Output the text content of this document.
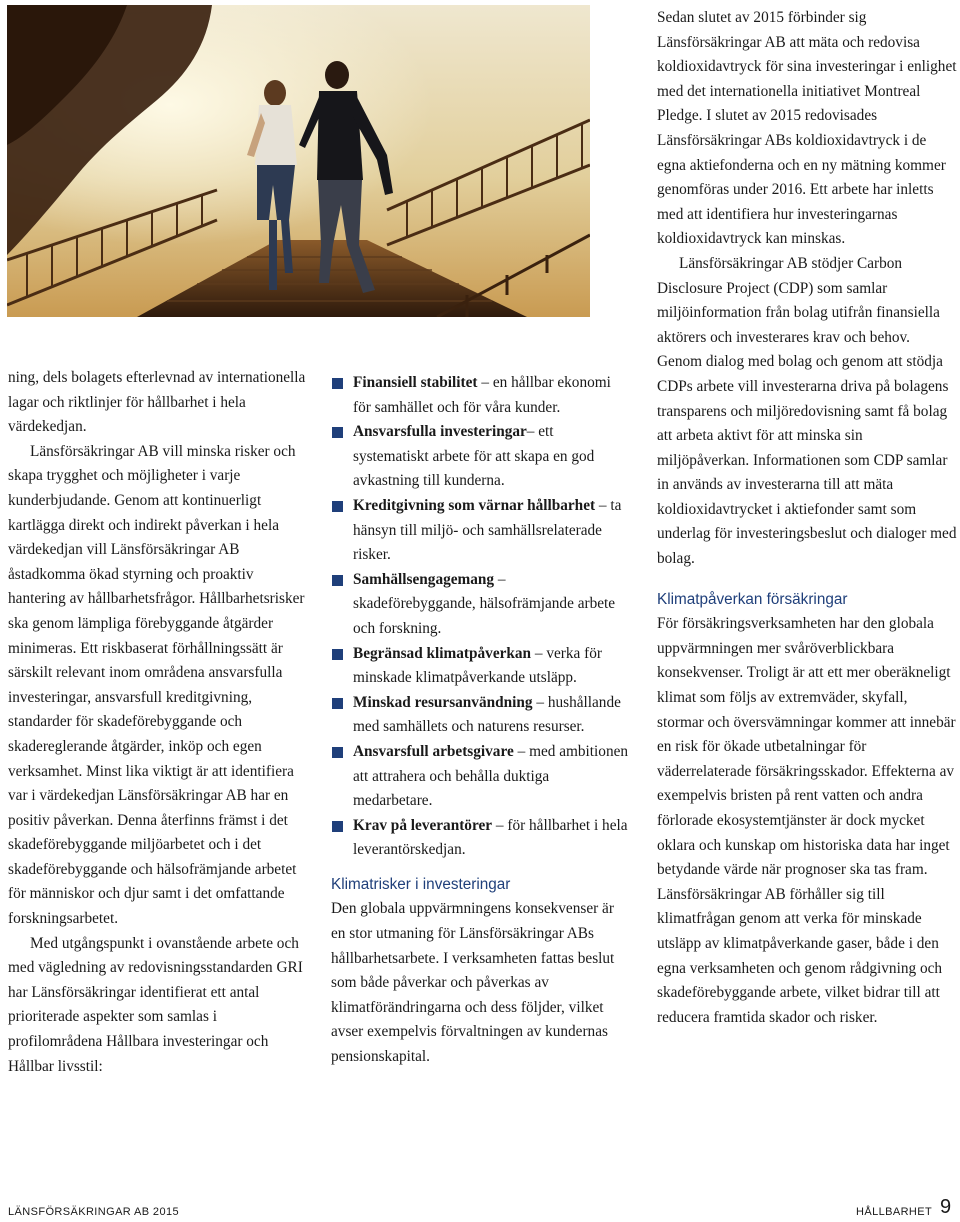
ning, dels bolagets efterlevnad av internationella lagar och riktlinjer för hållbarhet i hela värdekedjan.

Länsförsäkringar AB vill minska risker och skapa trygghet och möjligheter i varje kunderbjudande. Genom att kontinuerligt kartlägga direkt och indirekt påverkan i hela värdekedjan vill Länsförsäkringar AB åstadkomma ökad styrning och proaktiv hantering av hållbarhetsfrågor. Hållbarhetsrisker ska genom lämpliga förebyggande åtgärder minimeras. Ett riskbaserat förhållningssätt är särskilt relevant inom områdena ansvarsfulla investeringar, ansvarsfull kreditgivning, standarder för skadeförebyggande och skadereglerande åtgärder, inköp och egen verksamhet. Minst lika viktigt är att identifiera var i värdekedjan Länsförsäkringar AB har en positiv påverkan. Denna återfinns främst i det skadeförebyggande miljöarbetet och i det skadeförebyggande och hälsofrämjande arbetet för människor och djur samt i det omfattande forskningsarbetet.

Med utgångspunkt i ovanstående arbete och med vägledning av redovisningsstandarden GRI har Länsförsäkringar identifierat ett antal prioriterade aspekter som samlas i profilområdena Hållbara investeringar och Hållbar livsstil:

Finansiell stabilitet – en hållbar ekonomi för samhället och för våra kunder.
Ansvarsfulla investeringar– ett systematiskt arbete för att skapa en god avkastning till kunderna.
Kreditgivning som värnar hållbarhet – ta hänsyn till miljö- och samhällsrelaterade risker.
Samhällsengagemang – skadeförebyggande, hälsofrämjande arbete och forskning.
Begränsad klimatpåverkan – verka för minskade klimatpåverkande utsläpp.
Minskad resursanvändning – hushållande med samhällets och naturens resurser.
Ansvarsfull arbetsgivare – med ambitionen att attrahera och behålla duktiga medarbetare.
Krav på leverantörer – för hållbarhet i hela leverantörskedjan.
Klimatrisker i investeringar

Den globala uppvärmningens konsekvenser är en stor utmaning för Länsförsäkringar ABs hållbarhetsarbete. I verksamheten fattas beslut som både påverkar och påverkas av klimatförändringarna och dess följder, vilket avser exempelvis förvaltningen av kundernas pensionskapital.

Sedan slutet av 2015 förbinder sig Länsförsäkringar AB att mäta och redovisa koldioxidavtryck för sina investeringar i enlighet med det internationella initiativet Montreal Pledge. I slutet av 2015 redovisades Länsförsäkringar ABs koldioxidavtryck i de egna aktiefonderna och en ny mätning kommer genomföras under 2016. Ett arbete har inletts med att identifiera hur investeringarnas koldioxidavtryck kan minskas.

Länsförsäkringar AB stödjer Carbon Disclosure Project (CDP) som samlar miljöinformation från bolag utifrån finansiella aktörers och investerares krav och behov. Genom dialog med bolag och genom att stödja CDPs arbete vill investerarna driva på bolagens transparens och miljöredovisning samt få bolag att arbeta aktivt för att minska sin miljöpåverkan. Informationen som CDP samlar in används av investerarna till att mäta koldioxidavtrycket i aktiefonder samt som underlag för investeringsbeslut och dialoger med bolag.

Klimatpåverkan försäkringar

För försäkringsverksamheten har den globala uppvärmningen mer svåröverblickbara konsekvenser. Troligt är att ett mer oberäkneligt klimat som följs av extremväder, skyfall, stormar och översvämningar kommer att innebär en risk för ökade utbetalningar för väderrelaterade försäkringsskador. Effekterna av exempelvis bristen på rent vatten och andra förlorade ekosystemtjänster är dock mycket oklara och kunskap om historiska data har inget betydande värde när prognoser ska tas fram. Länsförsäkringar AB förhåller sig till klimatfrågan genom att verka för minskade utsläpp av klimatpåverkande gaser, både i den egna verksamheten och genom rådgivning och skadeförebyggande arbete, vilket bidrar till att reducera framtida skador och risker.

LÄNSFÖRSÄKRINGAR AB 2015	HÅLLBARHET 9
